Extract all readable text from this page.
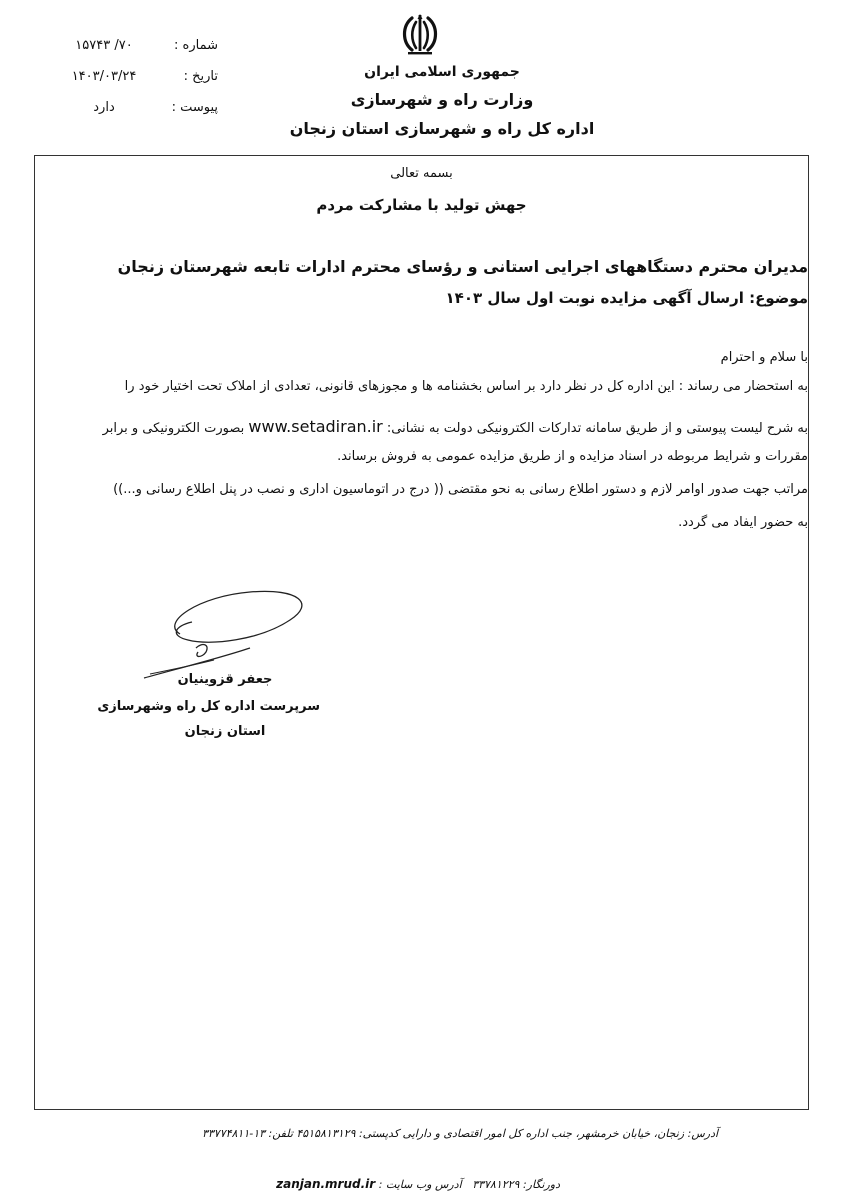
شماره :
۷۰/ ۱۵۷۴۳
تاریخ :
۱۴۰۳/۰۳/۲۴
پیوست :
دارد
جمهوری اسلامی ایران
وزارت راه و شهرسازی
اداره کل راه و شهرسازی استان زنجان
بسمه تعالی
جهش تولید با مشارکت مردم
مدیران محترم دستگاههای اجرایی استانی و رؤسای محترم ادارات تابعه شهرستان زنجان
موضوع: ارسال آگهی مزایده نوبت اول سال ۱۴۰۳
با سلام و احترام
به استحضار می رساند : این اداره کل در نظر دارد بر اساس بخشنامه ها و مجوزهای قانونی، تعدادی از املاک تحت اختیار خود را
به شرح لیست پیوستی و از طریق سامانه تدارکات الکترونیکی دولت به نشانی: www.setadiran.ir بصورت الکترونیکی و برابر
مقررات و شرایط مربوطه در اسناد مزایده و از طریق مزایده عمومی به فروش برساند.
مراتب جهت صدور اوامر لازم و دستور اطلاع رسانی به نحو مقتضی (( درج در اتوماسیون اداری و نصب در پنل اطلاع رسانی و...))
به حضور ایفاد می گردد.
جعفر قزوینیان
سرپرست اداره کل راه وشهرسازی
استان زنجان
آدرس: زنجان، خیابان خرمشهر، جنب اداره کل امور اقتصادی و دارایی کدپستی: ۴۵۱۵۸۱۳۱۲۹ تلفن: ۱۳-۳۳۷۷۴۸۱۱
دورنگار: ۳۳۷۸۱۲۲۹   آدرس وب سایت : zanjan.mrud.ir
